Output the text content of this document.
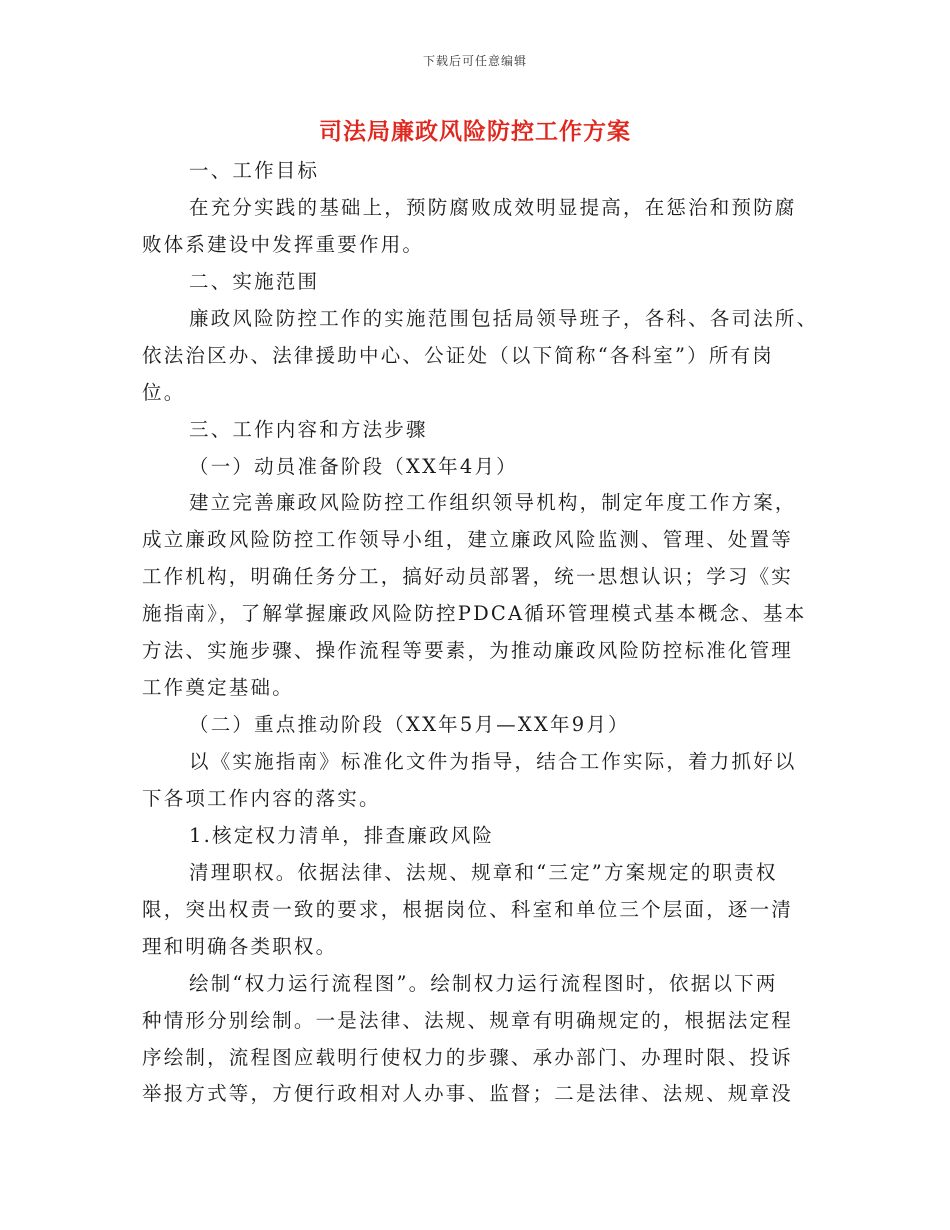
下载后可任意编辑
司法局廉政风险防控工作方案
一、工作目标
在充分实践的基础上，预防腐败成效明显提高，在惩治和预防腐
败体系建设中发挥重要作用。
二、实施范围
廉政风险防控工作的实施范围包括局领导班子，各科、各司法所、
依法治区办、法律援助中心、公证处（以下简称“各科室”）所有岗
位。
三、工作内容和方法步骤
（一）动员准备阶段（XX年4月）
建立完善廉政风险防控工作组织领导机构，制定年度工作方案，
成立廉政风险防控工作领导小组，建立廉政风险监测、管理、处置等
工作机构，明确任务分工，搞好动员部署，统一思想认识；学习《实
施指南》，了解掌握廉政风险防控PDCA循环管理模式基本概念、基本
方法、实施步骤、操作流程等要素，为推动廉政风险防控标准化管理
工作奠定基础。
（二）重点推动阶段（XX年5月—XX年9月）
以《实施指南》标准化文件为指导，结合工作实际，着力抓好以
下各项工作内容的落实。
1.核定权力清单，排查廉政风险
清理职权。依据法律、法规、规章和“三定”方案规定的职责权
限，突出权责一致的要求，根据岗位、科室和单位三个层面，逐一清
理和明确各类职权。
绘制“权力运行流程图”。绘制权力运行流程图时，依据以下两
种情形分别绘制。一是法律、法规、规章有明确规定的，根据法定程
序绘制，流程图应载明行使权力的步骤、承办部门、办理时限、投诉
举报方式等，方便行政相对人办事、监督；二是法律、法规、规章没
